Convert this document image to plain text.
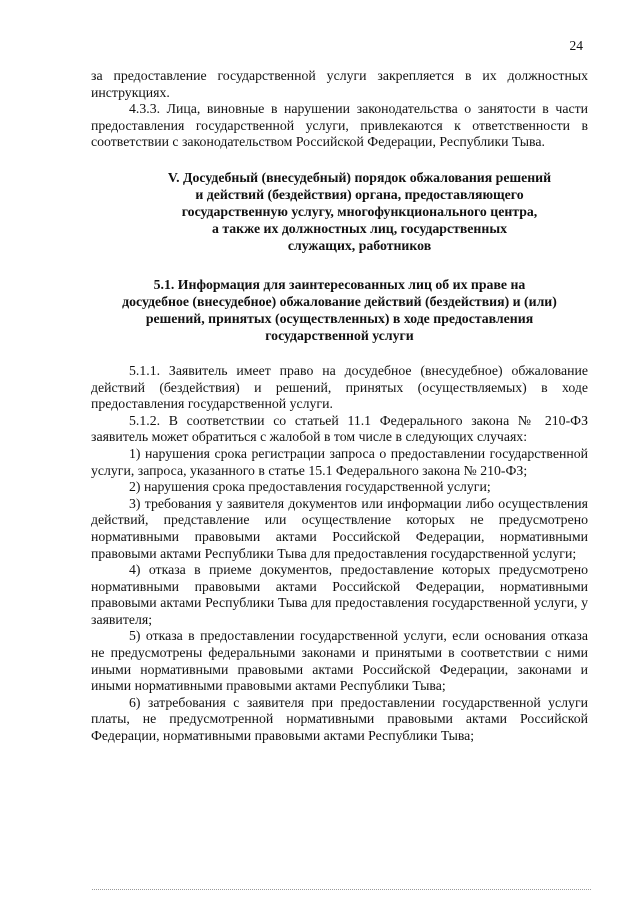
24

за предоставление государственной услуги закрепляется в их должностных инструкциях.

4.3.3. Лица, виновные в нарушении законодательства о занятости в части предоставления государственной услуги, привлекаются к ответственности в соответствии с законодательством Российской Федерации, Республики Тыва.

V. Досудебный (внесудебный) порядок обжалования решений
и действий (бездействия) органа, предоставляющего
государственную услугу, многофункционального центра,
а также их должностных лиц, государственных
служащих, работников
5.1. Информация для заинтересованных лиц об их праве на
досудебное (внесудебное) обжалование действий (бездействия) и (или)
решений, принятых (осуществленных) в ходе предоставления
государственной услуги

5.1.1. Заявитель имеет право на досудебное (внесудебное) обжалование действий (бездействия) и решений, принятых (осуществляемых) в ходе предоставления государственной услуги.

5.1.2. В соответствии со статьей 11.1 Федерального закона № 210-ФЗ заявитель может обратиться с жалобой в том числе в следующих случаях:

1) нарушения срока регистрации запроса о предоставлении государственной услуги, запроса, указанного в статье 15.1 Федерального закона № 210-ФЗ;

2) нарушения срока предоставления государственной услуги;

3) требования у заявителя документов или информации либо осуществления действий, представление или осуществление которых не предусмотрено нормативными правовыми актами Российской Федерации, нормативными правовыми актами Республики Тыва для предоставления государственной услуги;

4) отказа в приеме документов, предоставление которых предусмотрено нормативными правовыми актами Российской Федерации, нормативными правовыми актами Республики Тыва для предоставления государственной услуги, у заявителя;

5) отказа в предоставлении государственной услуги, если основания отказа не предусмотрены федеральными законами и принятыми в соответствии с ними иными нормативными правовыми актами Российской Федерации, законами и иными нормативными правовыми актами Республики Тыва;

6) затребования с заявителя при предоставлении государственной услуги платы, не предусмотренной нормативными правовыми актами Российской Федерации, нормативными правовыми актами Республики Тыва;
